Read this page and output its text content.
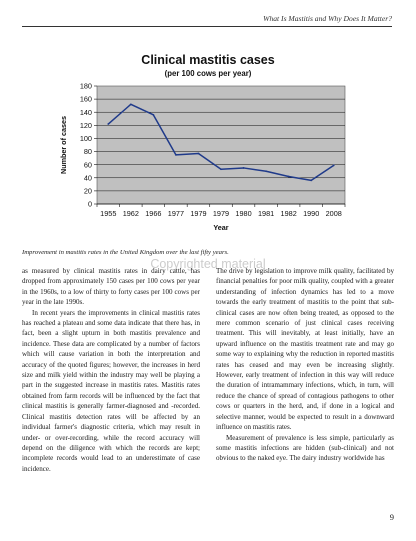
What Is Mastitis and Why Does It Matter?
Clinical mastitis cases
(per 100 cows per year)
0
20
40
60
80
100
120
140
160
180
1955 1962 1966 1977 1979 1979 1980 1981 1982 1990 2008
Number of cases
Year
Improvement in mastitis rates in the United Kingdom over the last fifty years.
Copyrighted material

as measured by clinical mastitis rates in dairy cattle, has dropped from approximately 150 cases per 100 cows per year in the 1960s, to a low of thirty to forty cases per 100 cows per year in the late 1990s.

In recent years the improvements in clinical mastitis rates has reached a plateau and some data indicate that there has, in fact, been a slight upturn in both mastitis prevalence and incidence. These data are complicated by a number of factors which will cause variation in both the interpretation and accuracy of the quoted figures; however, the increases in herd size and milk yield within the industry may well be playing a part in the suggested increase in mastitis rates. Mastitis rates obtained from farm records will be influenced by the fact that clinical mastitis is generally farmer-diagnosed and -recorded. Clinical mastitis detection rates will be affected by an individual farmer's diagnostic criteria, which may result in under- or over-recording, while the record accuracy will depend on the diligence with which the records are kept; incomplete records would lead to an underestimate of case incidence.

The drive by legislation to improve milk quality, facilitated by financial penalties for poor milk quality, coupled with a greater understanding of infection dynamics has led to a move towards the early treatment of mastitis to the point that sub-clinical cases are now often being treated, as opposed to the mere common scenario of just clinical cases receiving treatment. This will inevitably, at least initially, have an upward influence on the mastitis treatment rate and may go some way to explaining why the reduction in reported mastitis rates has ceased and may even be increasing slightly. However, early treatment of infection in this way will reduce the duration of intramammary infections, which, in turn, will reduce the chance of spread of contagious pathogens to other cows or quarters in the herd, and, if done in a logical and selective manner, would be expected to result in a downward influence on mastitis rates.

Measurement of prevalence is less simple, particularly as some mastitis infections are hidden (sub-clinical) and not obvious to the naked eye. The dairy industry worldwide has

9
